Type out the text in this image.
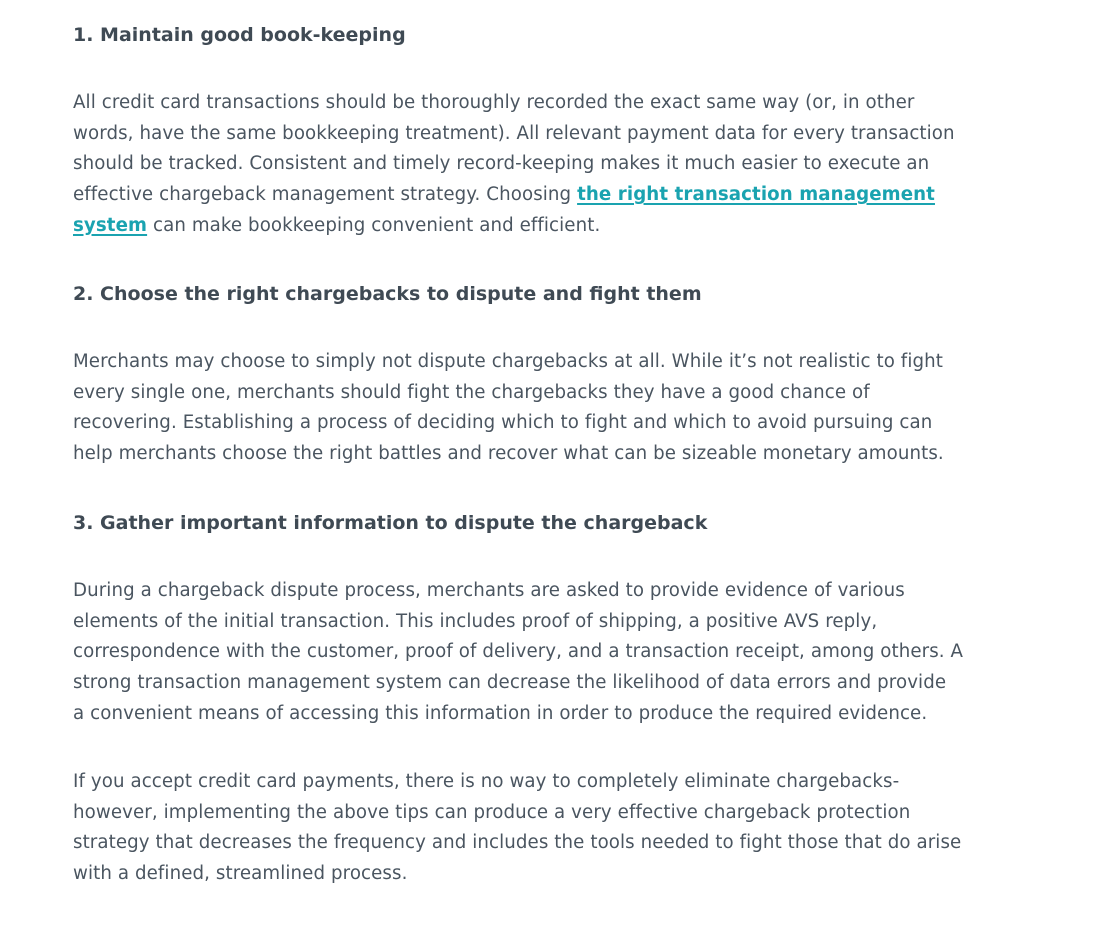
1. Maintain good book-keeping

All credit card transactions should be thoroughly recorded the exact same way (or, in other
words, have the same bookkeeping treatment). All relevant payment data for every transaction
should be tracked. Consistent and timely record-keeping makes it much easier to execute an
effective chargeback management strategy. Choosing the right transaction management
system can make bookkeeping convenient and efficient.

2. Choose the right chargebacks to dispute and fight them

Merchants may choose to simply not dispute chargebacks at all. While it’s not realistic to fight
every single one, merchants should fight the chargebacks they have a good chance of
recovering. Establishing a process of deciding which to fight and which to avoid pursuing can
help merchants choose the right battles and recover what can be sizeable monetary amounts.

3. Gather important information to dispute the chargeback

During a chargeback dispute process, merchants are asked to provide evidence of various
elements of the initial transaction. This includes proof of shipping, a positive AVS reply,
correspondence with the customer, proof of delivery, and a transaction receipt, among others. A
strong transaction management system can decrease the likelihood of data errors and provide
a convenient means of accessing this information in order to produce the required evidence.

If you accept credit card payments, there is no way to completely eliminate chargebacks-
however, implementing the above tips can produce a very effective chargeback protection
strategy that decreases the frequency and includes the tools needed to fight those that do arise
with a defined, streamlined process.
